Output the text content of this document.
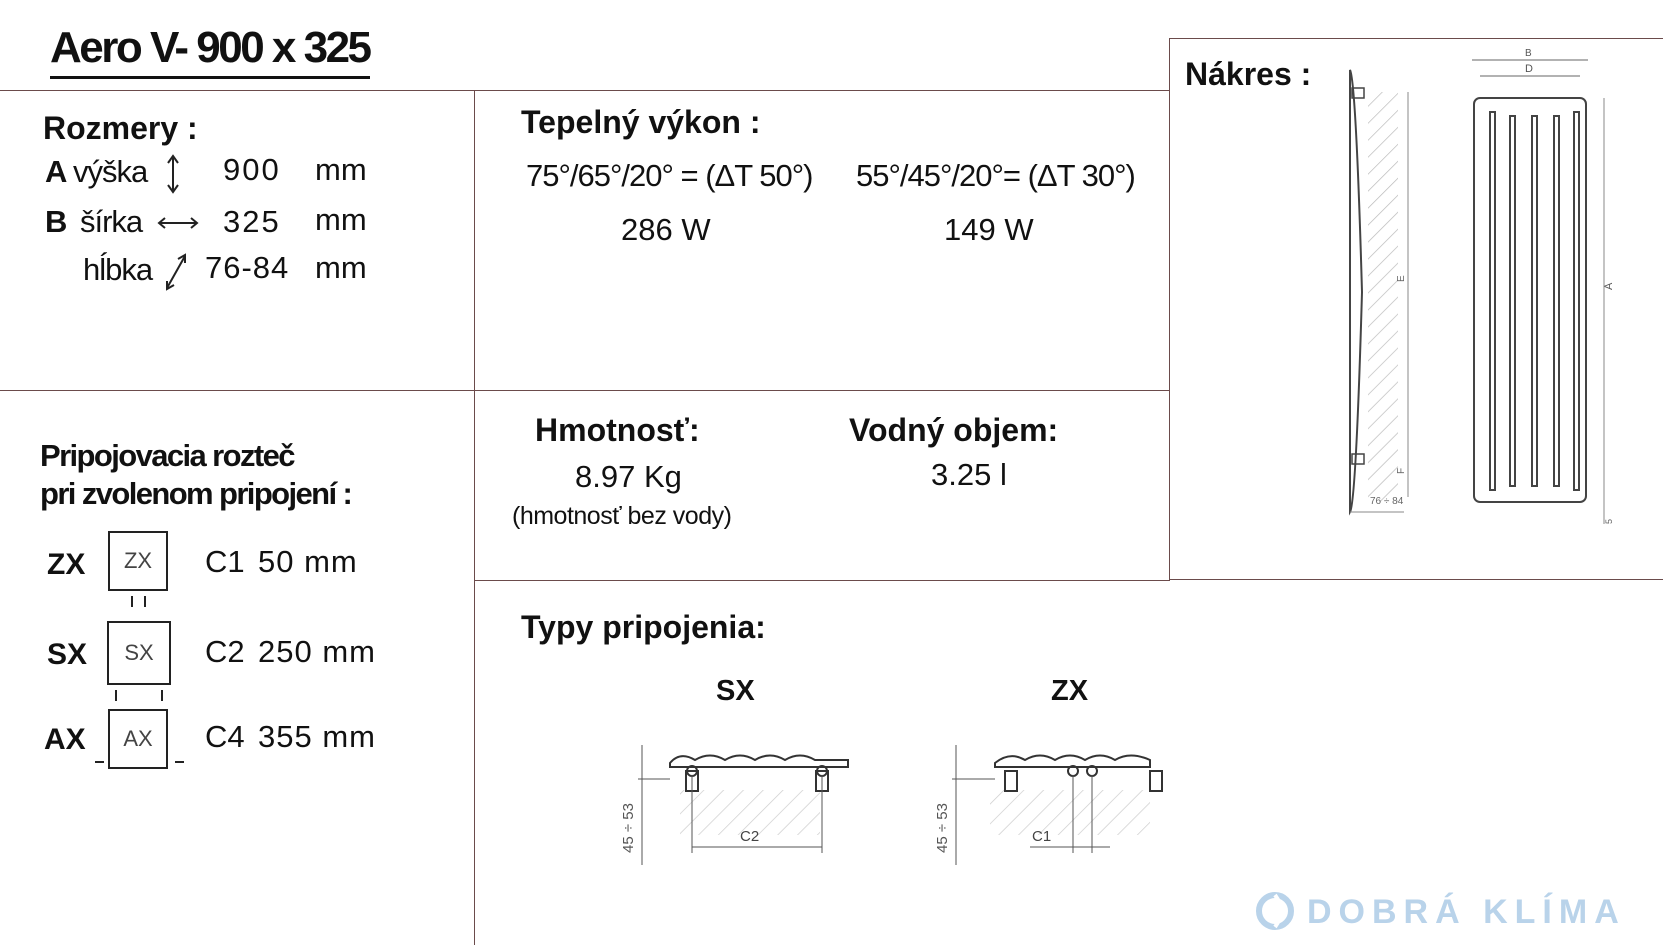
Aero V- 900 x 325
Rozmery :
A výška 900 mm
B šírka	325 mm
hĺbka 76-84 mm
Tepelný výkon :
75°/65°/20° = (ΔT 50°) 55°/45°/20°= (ΔT 30°)
286 W	149 W
Nákres :
E
F
76 ÷ 84
B
D
A
5
Pripojovacia rozteč
pri zvolenom pripojení :
ZX	ZX	C1 50 mm
SX	SX	C2 250 mm
AX	AX	C4 355 mm
Hmotnosť:
8.97 Kg
(hmotnosť bez vody)
Vodný objem:
3.25 l
Typy pripojenia:
SX	ZX
45 ÷ 53	C2	45 ÷ 53	C1
DOBRÁ KLÍMA
